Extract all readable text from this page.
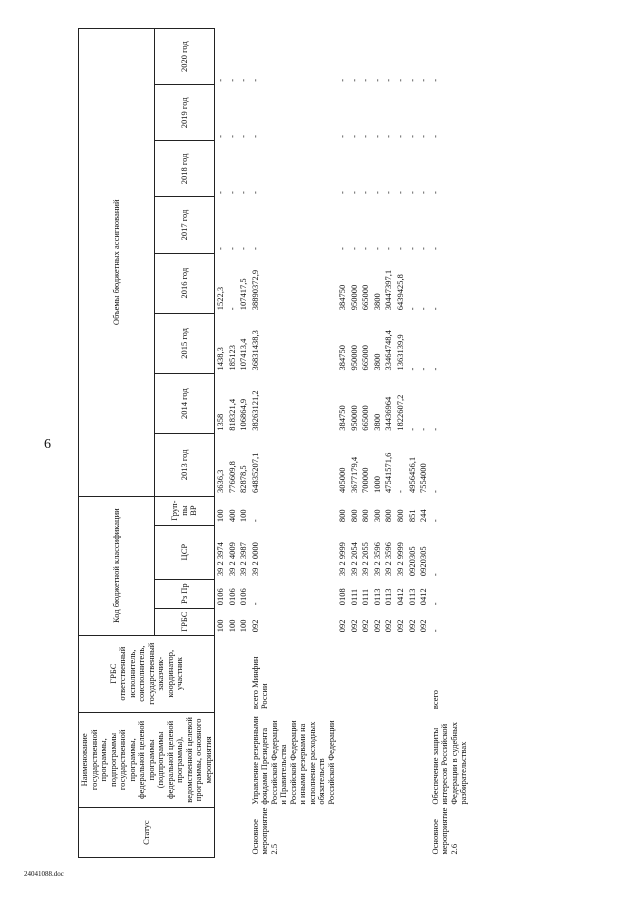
6
24041088.doc
Статус	Наименование государственной программы, подпрограммы государственной программы, федеральной целевой программы (подпрограммы федеральной целевой программы), ведомственной целевой программы, основного мероприятия	ГРБС ответственный исполнитель, соисполнитель, государственный заказчик-координатор, участник	Код бюджетной классификации				Объемы бюджетных ассигнований							
			ГРБС	Рз Пр	ЦСР	Груп-пы ВР	2013 год	2014 год	2015 год	2016 год	2017 год	2018 год	2019 год	2020 год
			100	0106	39 2 3974	100	3636,3	1358	1438,3	1522,3	-	-	-	-
			100	0106	39 2 4009	400	776609,8	818321,4	185123	-	-	-	-	-
			100	0106	39 2 3987	100	82878,5	106864,9	107413,4	107417,5	-	-	-	-
Основное мероприятие 2.5	Управление резервными фондами Президента Российской Федерации и Правительства Российской Федерации и иными резервами на исполнение расходных обязательств Российской Федерации	всего Минфин России	092	-	39 2 0000	-	64835207,1	38263121,2	36831438,3	38890372,9	-	-	-	-
			092	0108	39 2 9999	800	405000	384750	384750	384750	-	-	-	-
			092	0111	39 2 2054	800	3677179,4	950000	950000	950000	-	-	-	-
			092	0111	39 2 2055	800	700000	665000	665000	665000	-	-	-	-
			092	0113	39 2 3596	300	1000	3800	3800	3800	-	-	-	-
			092	0113	39 2 3596	800	47541571,6	34436964	33464748,4	30447397,1	-	-	-	-
			092	0412	39 2 9999	800	-	1822607,2	1363139,9	6439425,8	-	-	-	-
			092	0113	0920305	851	4956456,1	-	-	-	-	-	-	-
			092	0412	0920305	244	7554000	-	-	-	-	-	-	-
Основное мероприятие 2.6	Обеспечение защиты интересов Российской Федерации в судебных разбирательствах	всего	-	-	-	-	-	-	-	-	-	-	-	-
